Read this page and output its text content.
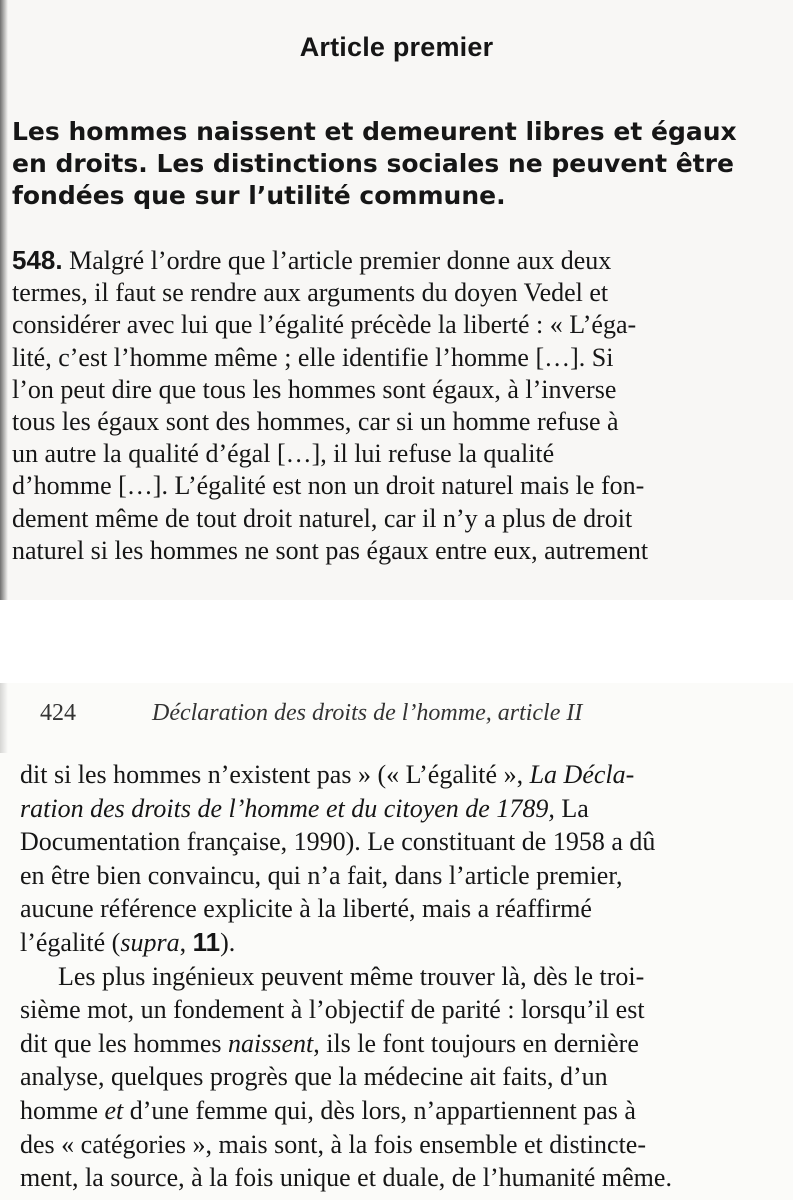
Article premier
Les hommes naissent et demeurent libres et égaux
en droits. Les distinctions sociales ne peuvent être
fondées que sur l’utilité commune.
548. Malgré l’ordre que l’article premier donne aux deux
termes, il faut se rendre aux arguments du doyen Vedel et
considérer avec lui que l’égalité précède la liberté : « L’éga-
lité, c’est l’homme même ; elle identifie l’homme […]. Si
l’on peut dire que tous les hommes sont égaux, à l’inverse
tous les égaux sont des hommes, car si un homme refuse à
un autre la qualité d’égal […], il lui refuse la qualité
d’homme […]. L’égalité est non un droit naturel mais le fon-
dement même de tout droit naturel, car il n’y a plus de droit
naturel si les hommes ne sont pas égaux entre eux, autrement
424	Déclaration des droits de l’homme, article II
dit si les hommes n’existent pas » (« L’égalité », La Décla-
ration des droits de l’homme et du citoyen de 1789, La
Documentation française, 1990). Le constituant de 1958 a dû
en être bien convaincu, qui n’a fait, dans l’article premier,
aucune référence explicite à la liberté, mais a réaffirmé
l’égalité (supra, 11).
Les plus ingénieux peuvent même trouver là, dès le troi-
sième mot, un fondement à l’objectif de parité : lorsqu’il est
dit que les hommes naissent, ils le font toujours en dernière
analyse, quelques progrès que la médecine ait faits, d’un
homme et d’une femme qui, dès lors, n’appartiennent pas à
des « catégories », mais sont, à la fois ensemble et distincte-
ment, la source, à la fois unique et duale, de l’humanité même.
